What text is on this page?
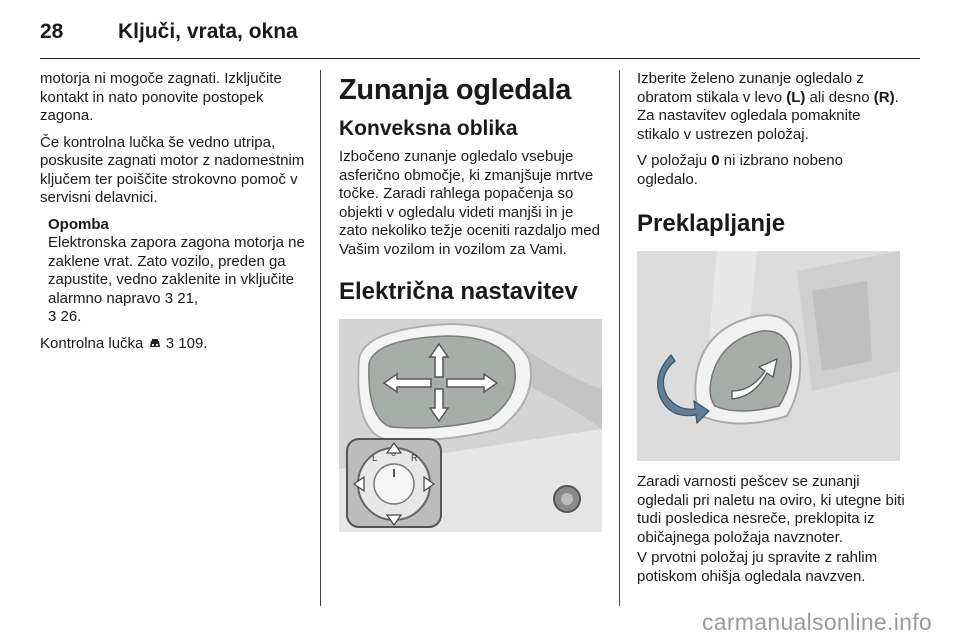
28	Ključi, vrata, okna

motorja ni mogoče zagnati. Izključite kontakt in nato ponovite postopek zagona.

Če kontrolna lučka še vedno utripa, poskusite zagnati motor z nadomestnim ključem ter poiščite strokovno pomoč v servisni delavnici.

Opomba

Elektronska zapora zagona motorja ne zaklene vrat. Zato vozilo, preden ga zapustite, vedno zaklenite in vključite alarmno napravo 3 21,
3 26.

Kontrolna lučka  3 109.

Zunanja ogledala
Konveksna oblika

Izbočeno zunanje ogledalo vsebuje asferično območje, ki zmanjšuje mrtve točke. Zaradi rahlega popačenja so objekti v ogledalu videti manjši in je zato nekoliko težje oceniti razdaljo med Vašim vozilom in vozilom za Vami.

Električna nastavitev
L	R

Izberite želeno zunanje ogledalo z obratom stikala v levo (L) ali desno (R). Za nastavitev ogledala pomaknite stikalo v ustrezen položaj.

V položaju 0 ni izbrano nobeno ogledalo.

Preklapljanje

Zaradi varnosti pešcev se zunanji ogledali pri naletu na oviro, ki utegne biti tudi posledica nesreče, preklopita iz običajnega položaja navznoter.

V prvotni položaj ju spravite z rahlim potiskom ohišja ogledala navzven.

carmanualsonline.info
